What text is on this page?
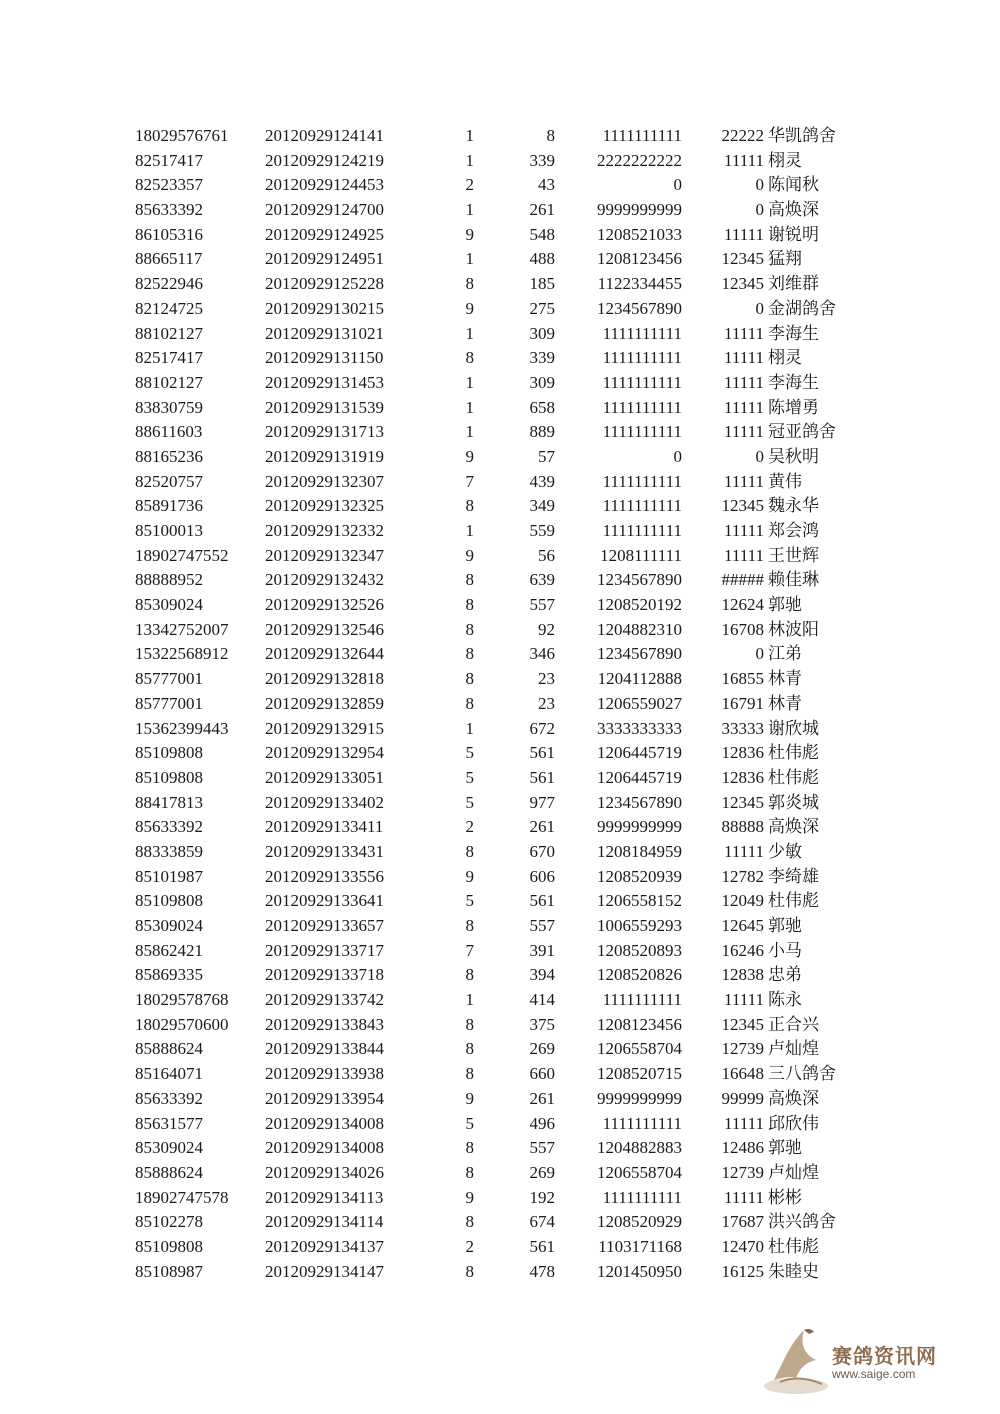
18029576761 20120929124141	1	8	1111111111	22222 华凯鸽舍
82517417	20120929124219	1	339	2222222222	11111 栩灵
82523357	20120929124453	2	43	0	0 陈闻秋
85633392	20120929124700	1	261	9999999999	0 高焕深
86105316	20120929124925	9	548	1208521033	11111 谢锐明
88665117	20120929124951	1	488	1208123456	12345 猛翔
82522946	20120929125228	8	185	1122334455	12345 刘维群
82124725	20120929130215	9	275	1234567890	0 金湖鸽舍
88102127	20120929131021	1	309	1111111111	11111 李海生
82517417	20120929131150	8	339	1111111111	11111 栩灵
88102127	20120929131453	1	309	1111111111	11111 李海生
83830759	20120929131539	1	658	1111111111	11111 陈增勇
88611603	20120929131713	1	889	1111111111	11111 冠亚鸽舍
88165236	20120929131919	9	57	0	0 吴秋明
82520757	20120929132307	7	439	1111111111	11111 黄伟
85891736	20120929132325	8	349	1111111111	12345 魏永华
85100013	20120929132332	1	559	1111111111	11111 郑会鸿
18902747552 20120929132347	9	56	1208111111	11111 王世辉
88888952	20120929132432	8	639	1234567890	##### 赖佳琳
85309024	20120929132526	8	557	1208520192	12624 郭驰
13342752007 20120929132546	8	92	1204882310	16708 林波阳
15322568912 20120929132644	8	346	1234567890	0 江弟
85777001	20120929132818	8	23	1204112888	16855 林青
85777001	20120929132859	8	23	1206559027	16791 林青
15362399443 20120929132915	1	672	3333333333	33333 谢欣城
85109808	20120929132954	5	561	1206445719	12836 杜伟彪
85109808	20120929133051	5	561	1206445719	12836 杜伟彪
88417813	20120929133402	5	977	1234567890	12345 郭炎城
85633392	20120929133411	2	261	9999999999	88888 高焕深
88333859	20120929133431	8	670	1208184959	11111 少敏
85101987	20120929133556	9	606	1208520939	12782 李绮雄
85109808	20120929133641	5	561	1206558152	12049 杜伟彪
85309024	20120929133657	8	557	1006559293	12645 郭驰
85862421	20120929133717	7	391	1208520893	16246 小马
85869335	20120929133718	8	394	1208520826	12838 忠弟
18029578768 20120929133742	1	414	1111111111	11111 陈永
18029570600 20120929133843	8	375	1208123456	12345 正合兴
85888624	20120929133844	8	269	1206558704	12739 卢灿煌
85164071	20120929133938	8	660	1208520715	16648 三八鸽舍
85633392	20120929133954	9	261	9999999999	99999 高焕深
85631577	20120929134008	5	496	1111111111	11111 邱欣伟
85309024	20120929134008	8	557	1204882883	12486 郭驰
85888624	20120929134026	8	269	1206558704	12739 卢灿煌
18902747578 20120929134113	9	192	1111111111	11111 彬彬
85102278	20120929134114	8	674	1208520929	17687 洪兴鸽舍
85109808	20120929134137	2	561	1103171168	12470 杜伟彪
85108987	20120929134147	8	478	1201450950	16125 朱睦史
赛鸽资讯网
www.saige.com
